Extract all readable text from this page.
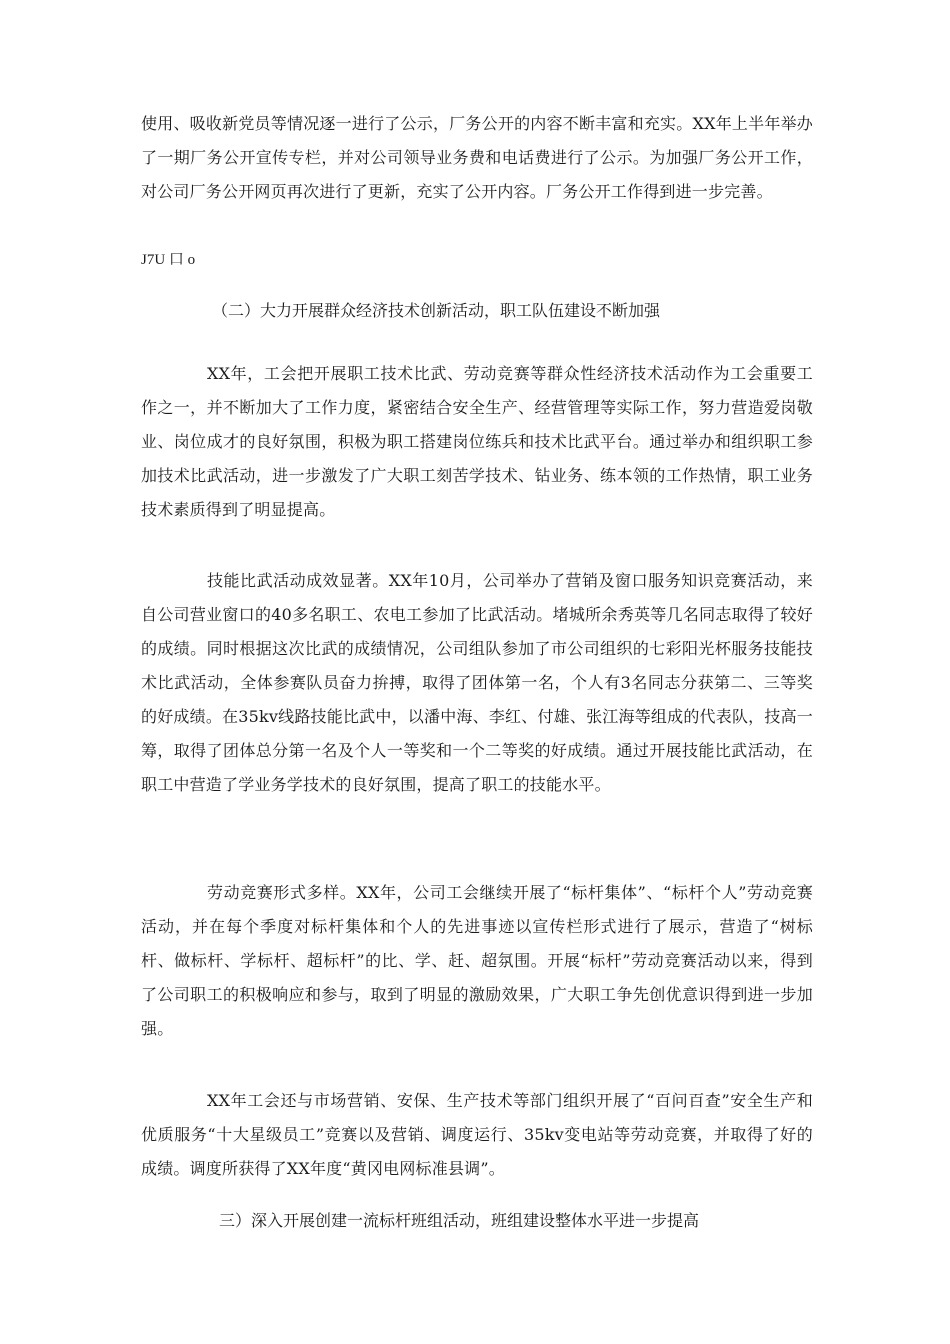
使用、吸收新党员等情况逐一进行了公示，厂务公开的内容不断丰富和充实。XX年上半年举办了一期厂务公开宣传专栏，并对公司领导业务费和电话费进行了公示。为加强厂务公开工作，对公司厂务公开网页再次进行了更新，充实了公开内容。厂务公开工作得到进一步完善。

J7U 口 o
（二）大力开展群众经济技术创新活动，职工队伍建设不断加强

XX年，工会把开展职工技术比武、劳动竞赛等群众性经济技术活动作为工会重要工作之一，并不断加大了工作力度，紧密结合安全生产、经营管理等实际工作，努力营造爱岗敬业、岗位成才的良好氛围，积极为职工搭建岗位练兵和技术比武平台。通过举办和组织职工参加技术比武活动，进一步激发了广大职工刻苦学技术、钻业务、练本领的工作热情，职工业务技术素质得到了明显提高。

技能比武活动成效显著。XX年10月，公司举办了营销及窗口服务知识竞赛活动，来自公司营业窗口的40多名职工、农电工参加了比武活动。堵城所余秀英等几名同志取得了较好的成绩。同时根据这次比武的成绩情况，公司组队参加了市公司组织的七彩阳光杯服务技能技术比武活动，全体参赛队员奋力拚搏，取得了团体第一名，个人有3名同志分获第二、三等奖的好成绩。在35kv线路技能比武中，以潘中海、李红、付雄、张江海等组成的代表队，技高一筹，取得了团体总分第一名及个人一等奖和一个二等奖的好成绩。通过开展技能比武活动，在职工中营造了学业务学技术的良好氛围，提高了职工的技能水平。

劳动竞赛形式多样。XX年，公司工会继续开展了“标杆集体”、“标杆个人”劳动竞赛活动，并在每个季度对标杆集体和个人的先进事迹以宣传栏形式进行了展示，营造了“树标杆、做标杆、学标杆、超标杆”的比、学、赶、超氛围。开展“标杆”劳动竞赛活动以来，得到了公司职工的积极响应和参与，取到了明显的激励效果，广大职工争先创优意识得到进一步加强。

XX年工会还与市场营销、安保、生产技术等部门组织开展了“百问百查”安全生产和优质服务“十大星级员工”竞赛以及营销、调度运行、35kv变电站等劳动竞赛，并取得了好的成绩。调度所获得了XX年度“黄冈电网标准县调”。

三）深入开展创建一流标杆班组活动，班组建设整体水平进一步提高
